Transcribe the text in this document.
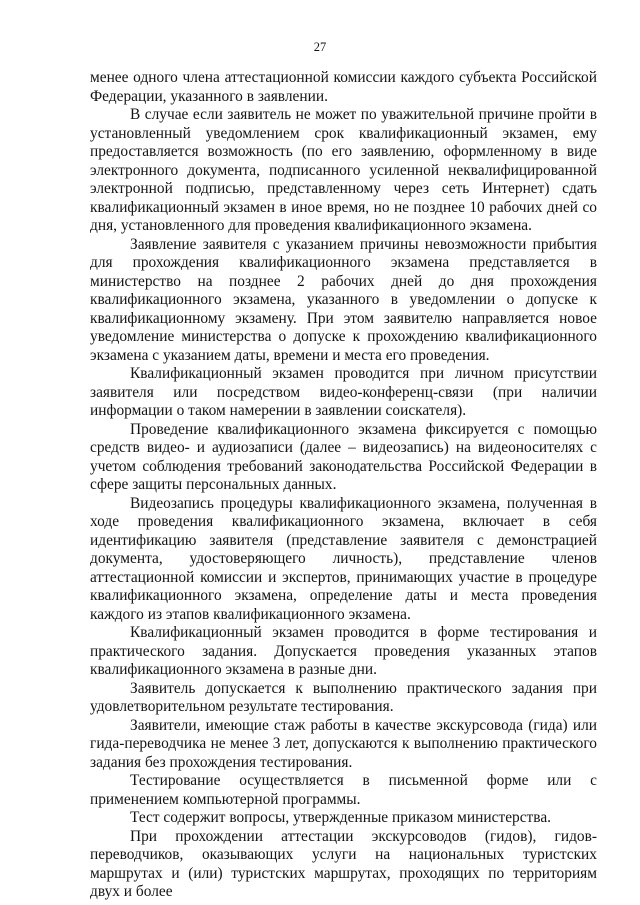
27

менее одного члена аттестационной комиссии каждого субъекта Российской Федерации, указанного в заявлении.

В случае если заявитель не может по уважительной причине пройти в установленный уведомлением срок квалификационный экзамен, ему предоставляется возможность (по его заявлению, оформленному в виде электронного документа, подписанного усиленной неквалифицированной электронной подписью, представленному через сеть Интернет) сдать квалификационный экзамен в иное время, но не позднее 10 рабочих дней со дня, установленного для проведения квалификационного экзамена.

Заявление заявителя с указанием причины невозможности прибытия для прохождения квалификационного экзамена представляется в министерство на позднее 2 рабочих дней до дня прохождения квалификационного экзамена, указанного в уведомлении о допуске к квалификационному экзамену. При этом заявителю направляется новое уведомление министерства о допуске к прохождению квалификационного экзамена с указанием даты, времени и места его проведения.

Квалификационный экзамен проводится при личном присутствии заявителя или посредством видео-конференц-связи (при наличии информации о таком намерении в заявлении соискателя).

Проведение квалификационного экзамена фиксируется с помощью средств видео- и аудиозаписи (далее – видеозапись) на видеоносителях с учетом соблюдения требований законодательства Российской Федерации в сфере защиты персональных данных.

Видеозапись процедуры квалификационного экзамена, полученная в ходе проведения квалификационного экзамена, включает в себя идентификацию заявителя (представление заявителя с демонстрацией документа, удостоверяющего личность), представление членов аттестационной комиссии и экспертов, принимающих участие в процедуре квалификационного экзамена, определение даты и места проведения каждого из этапов квалификационного экзамена.

Квалификационный экзамен проводится в форме тестирования и практического задания. Допускается проведения указанных этапов квалификационного экзамена в разные дни.

Заявитель допускается к выполнению практического задания при удовлетворительном результате тестирования.

Заявители, имеющие стаж работы в качестве экскурсовода (гида) или гида-переводчика не менее 3 лет, допускаются к выполнению практического задания без прохождения тестирования.

Тестирование осуществляется в письменной форме или с применением компьютерной программы.

Тест содержит вопросы, утвержденные приказом министерства.

При прохождении аттестации экскурсоводов (гидов), гидов-переводчиков, оказывающих услуги на национальных туристских маршрутах и (или) туристских маршрутах, проходящих по территориям двух и более
